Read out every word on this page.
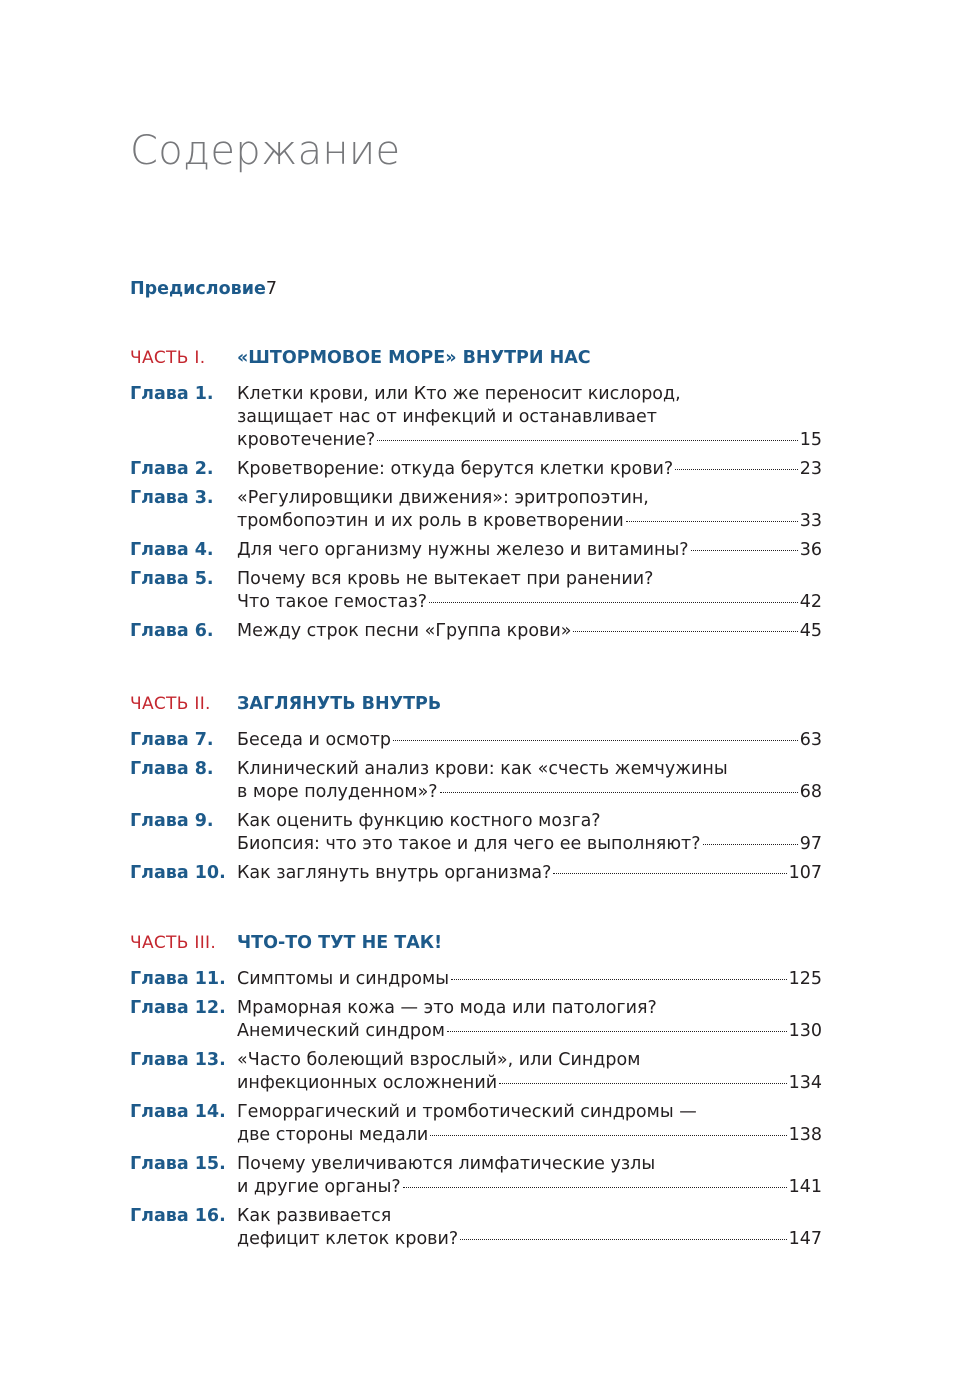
Содержание
Предисловие 7
ЧАСТЬ I. «ШТОРМОВОЕ МОРЕ» ВНУТРИ НАС
Глава 1. Клетки крови, или Кто же переносит кислород,
защищает нас от инфекций и останавливает
кровотечение?	15
Глава 2. Кроветворение: откуда берутся клетки крови?	23
Глава 3. «Регулировщики движения»: эритропоэтин,
тромбопоэтин и их роль в кроветворении	33
Глава 4. Для чего организму нужны железо и витамины?	36
Глава 5. Почему вся кровь не вытекает при ранении?
Что такое гемостаз?	42
Глава 6. Между строк песни «Группа крови»	45
ЧАСТЬ II. ЗАГЛЯНУТЬ ВНУТРЬ
Глава 7. Беседа и осмотр	63
Глава 8. Клинический анализ крови: как «счесть жемчужины
в море полуденном»?	68
Глава 9. Как оценить функцию костного мозга?
Биопсия: что это такое и для чего ее выполняют?	97
Глава 10. Как заглянуть внутрь организма?	107
ЧАСТЬ III. ЧТО-ТО ТУТ НЕ ТАК!
Глава 11. Симптомы и синдромы	125
Глава 12. Мраморная кожа — это мода или патология?
Анемический синдром	130
Глава 13. «Часто болеющий взрослый», или Синдром
инфекционных осложнений	134
Глава 14. Геморрагический и тромботический синдромы —
две стороны медали	138
Глава 15. Почему увеличиваются лимфатические узлы
и другие органы?	141
Глава 16. Как развивается
дефицит клеток крови?	147
